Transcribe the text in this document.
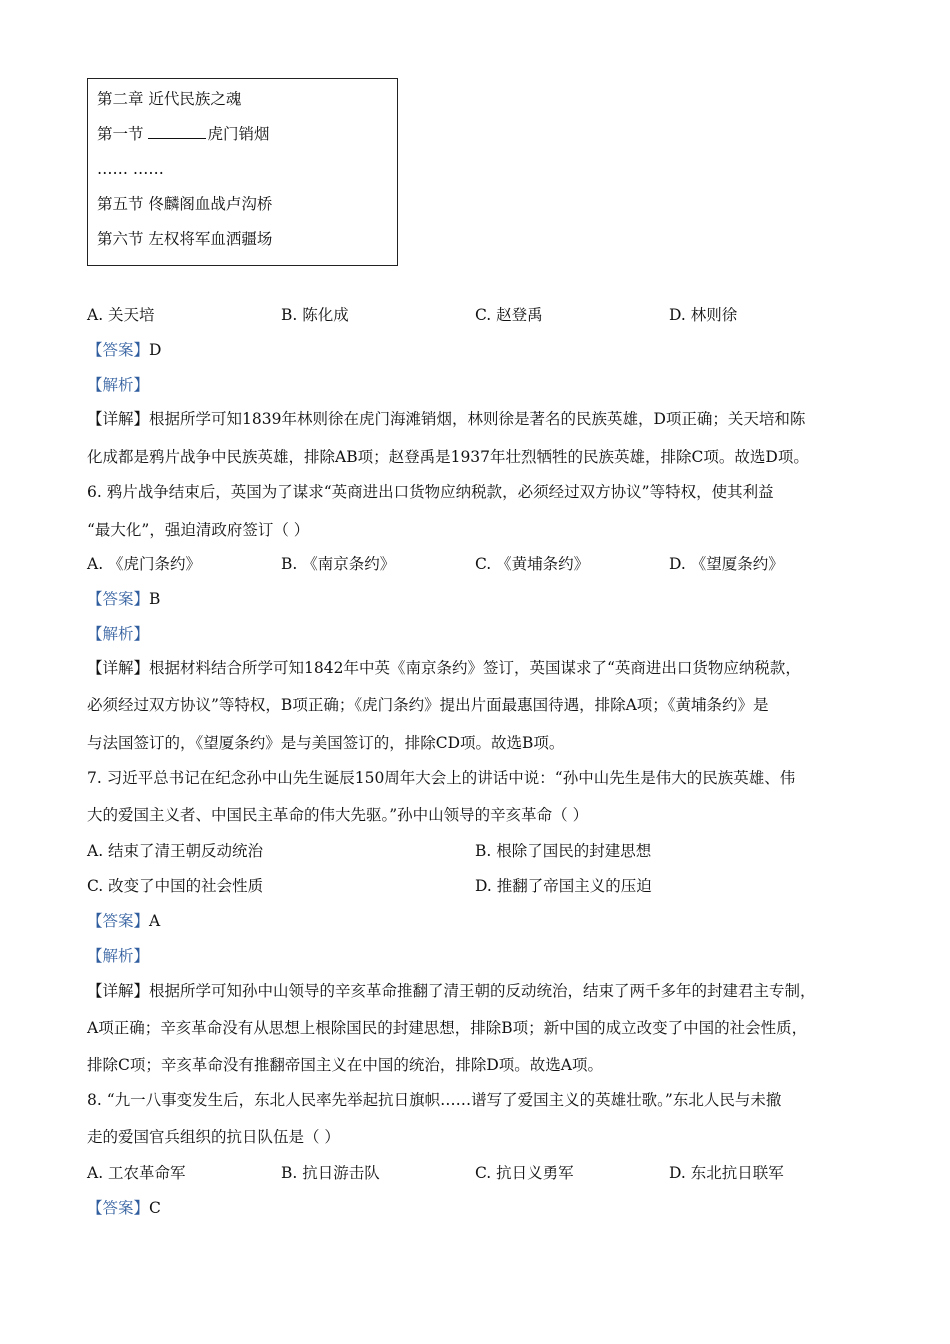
第二章 近代民族之魂
第一节	虎门销烟
…… ……
第五节 佟麟阁血战卢沟桥
第六节 左权将军血洒疆场
A. 关天培	B. 陈化成	C. 赵登禹	D. 林则徐
【答案】D
【解析】
【详解】根据所学可知1839年林则徐在虎门海滩销烟，林则徐是著名的民族英雄，D项正确；关天培和陈
化成都是鸦片战争中民族英雄，排除AB项；赵登禹是1937年壮烈牺牲的民族英雄，排除C项。故选D项。
6. 鸦片战争结束后，英国为了谋求“英商进出口货物应纳税款，必须经过双方协议”等特权，使其利益
“最大化”，强迫清政府签订（ ）
A. 《虎门条约》	B. 《南京条约》	C. 《黄埔条约》	D. 《望厦条约》
【答案】B
【解析】
【详解】根据材料结合所学可知1842年中英《南京条约》签订，英国谋求了“英商进出口货物应纳税款，
必须经过双方协议”等特权，B项正确；《虎门条约》提出片面最惠国待遇，排除A项；《黄埔条约》是
与法国签订的，《望厦条约》是与美国签订的，排除CD项。故选B项。
7. 习近平总书记在纪念孙中山先生诞辰150周年大会上的讲话中说：“孙中山先生是伟大的民族英雄、伟
大的爱国主义者、中国民主革命的伟大先驱。”孙中山领导的辛亥革命（ ）
A. 结束了清王朝反动统治	B. 根除了国民的封建思想
C. 改变了中国的社会性质	D. 推翻了帝国主义的压迫
【答案】A
【解析】
【详解】根据所学可知孙中山领导的辛亥革命推翻了清王朝的反动统治，结束了两千多年的封建君主专制，
A项正确；辛亥革命没有从思想上根除国民的封建思想，排除B项；新中国的成立改变了中国的社会性质，
排除C项；辛亥革命没有推翻帝国主义在中国的统治，排除D项。故选A项。
8. “九一八事变发生后，东北人民率先举起抗日旗帜……谱写了爱国主义的英雄壮歌。”东北人民与未撤
走的爱国官兵组织的抗日队伍是（ ）
A. 工农革命军	B. 抗日游击队	C. 抗日义勇军	D. 东北抗日联军
【答案】C
